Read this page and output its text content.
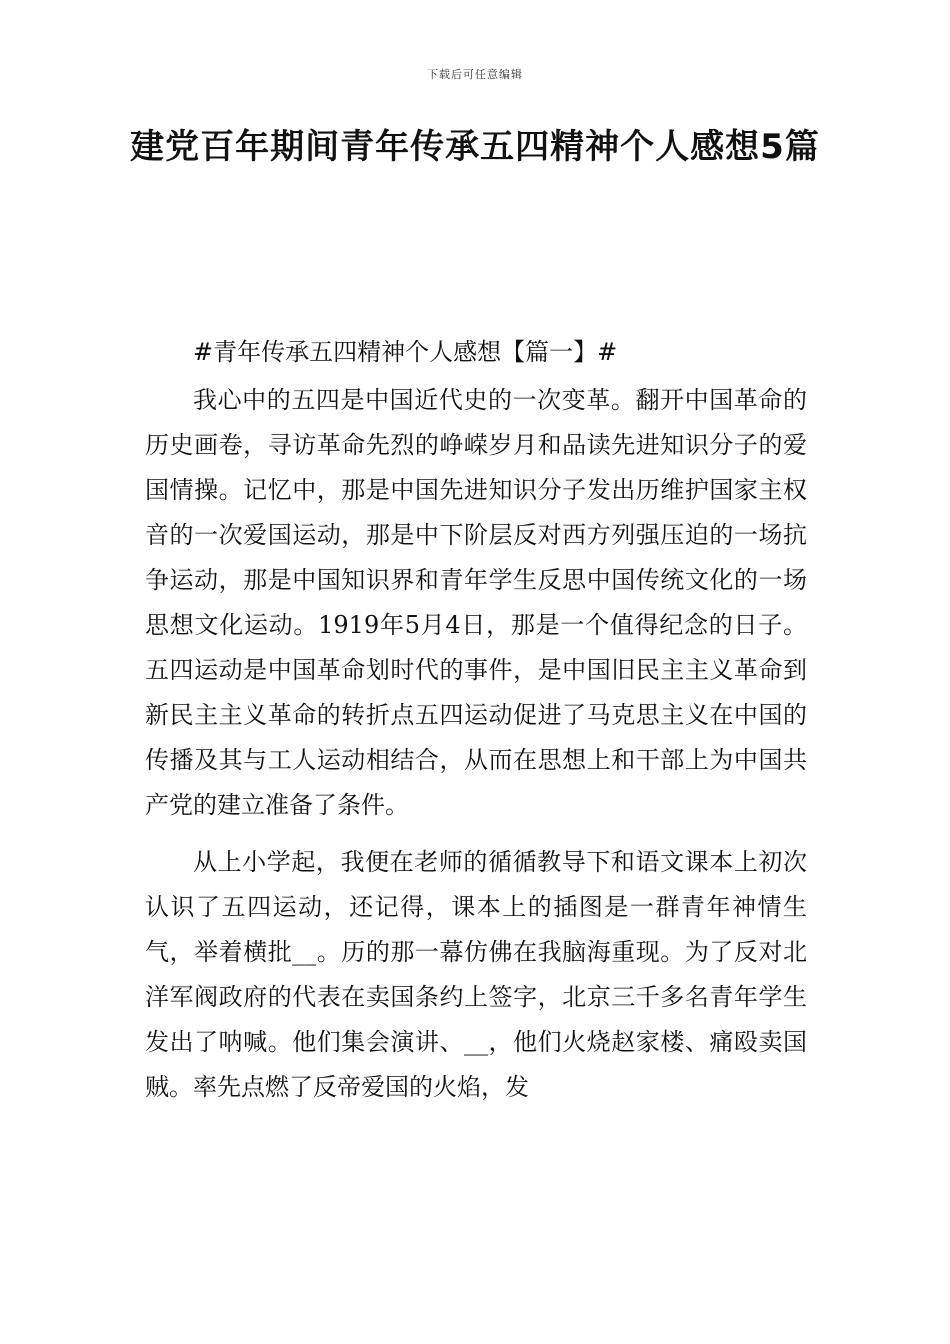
下载后可任意编辑
建党百年期间青年传承五四精神个人感想5篇

#青年传承五四精神个人感想【篇一】#

我心中的五四是中国近代史的一次变革。翻开中国革命的历史画卷，寻访革命先烈的峥嵘岁月和品读先进知识分子的爱国情操。记忆中，那是中国先进知识分子发出历维护国家主权音的一次爱国运动，那是中下阶层反对西方列强压迫的一场抗争运动，那是中国知识界和青年学生反思中国传统文化的一场思想文化运动。1919年5月4日，那是一个值得纪念的日子。五四运动是中国革命划时代的事件，是中国旧民主主义革命到新民主主义革命的转折点五四运动促进了马克思主义在中国的传播及其与工人运动相结合，从而在思想上和干部上为中国共产党的建立准备了条件。

从上小学起，我便在老师的循循教导下和语文课本上初次认识了五四运动，还记得，课本上的插图是一群青年神情生气，举着横批__。历的那一幕仿佛在我脑海重现。为了反对北洋军阀政府的代表在卖国条约上签字，北京三千多名青年学生发出了呐喊。他们集会演讲、__，他们火烧赵家楼、痛殴卖国贼。率先点燃了反帝爱国的火焰，发
